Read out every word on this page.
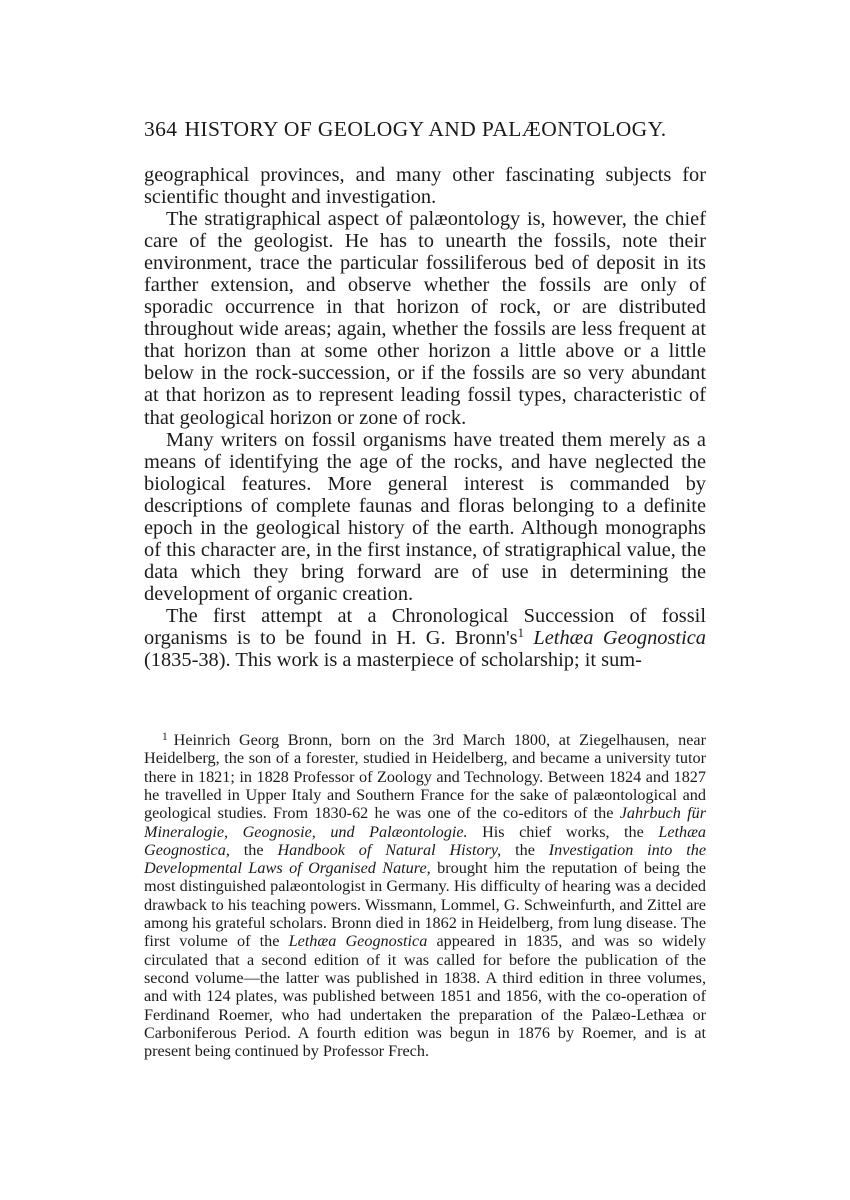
364 HISTORY OF GEOLOGY AND PALÆONTOLOGY.

geographical provinces, and many other fascinating subjects for scientific thought and investigation.

The stratigraphical aspect of palæontology is, however, the chief care of the geologist. He has to unearth the fossils, note their environment, trace the particular fossiliferous bed of deposit in its farther extension, and observe whether the fossils are only of sporadic occurrence in that horizon of rock, or are distributed throughout wide areas; again, whether the fossils are less frequent at that horizon than at some other horizon a little above or a little below in the rock-succession, or if the fossils are so very abundant at that horizon as to represent leading fossil types, characteristic of that geological horizon or zone of rock.

Many writers on fossil organisms have treated them merely as a means of identifying the age of the rocks, and have neglected the biological features. More general interest is commanded by descriptions of complete faunas and floras belonging to a definite epoch in the geological history of the earth. Although monographs of this character are, in the first instance, of stratigraphical value, the data which they bring forward are of use in determining the development of organic creation.

The first attempt at a Chronological Succession of fossil organisms is to be found in H. G. $Bronn's^1$ Lethæa Geognostica (1835-38). This work is a masterpiece of scholarship; it sum-

$^1$ Heinrich Georg Bronn, born on the 3rd March 1800, at Ziegelhausen, near Heidelberg, the son of a forester, studied in Heidelberg, and became a university tutor there in 1821; in 1828 Professor of Zoology and Technology. Between 1824 and 1827 he travelled in Upper Italy and Southern France for the sake of palæontological and geological studies. From 1830-62 he was one of the co-editors of the Jahrbuch für Mineralogie, Geognosie, und Palæontologie. His chief works, the Lethæa Geognostica, the Handbook of Natural History, the Investigation into the Developmental Laws of Organised Nature, brought him the reputation of being the most distinguished palæontologist in Germany. His difficulty of hearing was a decided drawback to his teaching powers. Wissmann, Lommel, G. Schweinfurth, and Zittel are among his grateful scholars. Bronn died in 1862 in Heidelberg, from lung disease. The first volume of the Lethæa Geognostica appeared in 1835, and was so widely circulated that a second edition of it was called for before the publication of the second volume—the latter was published in 1838. A third edition in three volumes, and with 124 plates, was published between 1851 and 1856, with the co-operation of Ferdinand Roemer, who had undertaken the preparation of the Palæo-Lethæa or Carboniferous Period. A fourth edition was begun in 1876 by Roemer, and is at present being continued by Professor Frech.
